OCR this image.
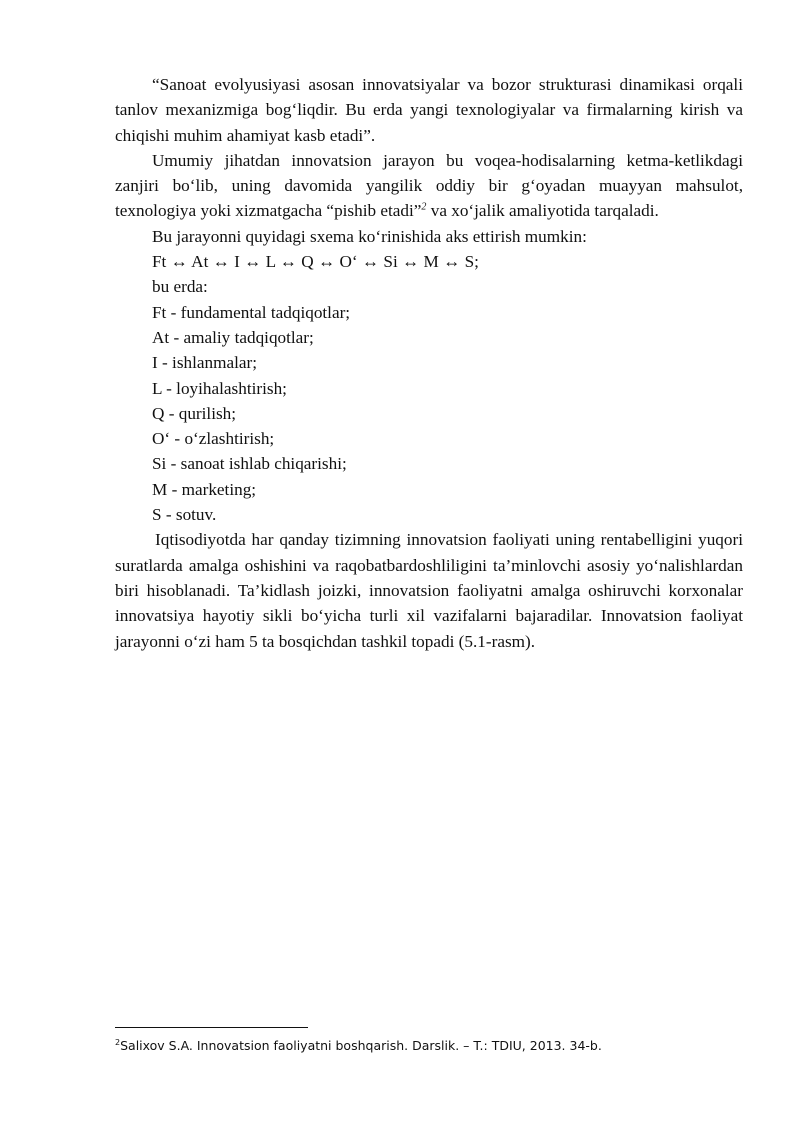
“Sanoat evolyusiyasi asosan innovatsiyalar va bozor strukturasi dinamikasi orqali tanlov mexanizmiga bog‘liqdir. Bu erda yangi texnologiyalar va firmalarning kirish va chiqishi muhim ahamiyat kasb etadi”.

Umumiy jihatdan innovatsion jarayon bu voqea-hodisalarning ketma-ketlikdagi zanjiri bo‘lib, uning davomida yangilik oddiy bir g‘oyadan muayyan mahsulot, texnologiya yoki xizmatgacha “pishib etadi”$^2$ va xo‘jalik amaliyotida tarqaladi.

Bu jarayonni quyidagi sxema ko‘rinishida aks ettirish mumkin:

Ft ↔ At ↔ I ↔ L ↔ Q ↔ O‘ ↔ Si ↔ M ↔ S;

bu erda:

Ft - fundamental tadqiqotlar;

At - amaliy tadqiqotlar;

I - ishlanmalar;

L - loyihalashtirish;

Q - qurilish;

O‘ - o‘zlashtirish;

Si - sanoat ishlab chiqarishi;

M - marketing;

S - sotuv.

Iqtisodiyotda har qanday tizimning innovatsion faoliyati uning rentabelligini yuqori suratlarda amalga oshishini va raqobatbardoshliligini ta’minlovchi asosiy yo‘nalishlardan biri hisoblanadi. Ta’kidlash joizki, innovatsion faoliyatni amalga oshiruvchi korxonalar innovatsiya hayotiy sikli bo‘yicha turli xil vazifalarni bajaradilar. Innovatsion faoliyat jarayonni o‘zi ham 5 ta bosqichdan tashkil topadi (5.1-rasm).

$^2$Salixov S.A. Innovatsion faoliyatni boshqarish. Darslik. – T.: TDIU, 2013. 34-b.
